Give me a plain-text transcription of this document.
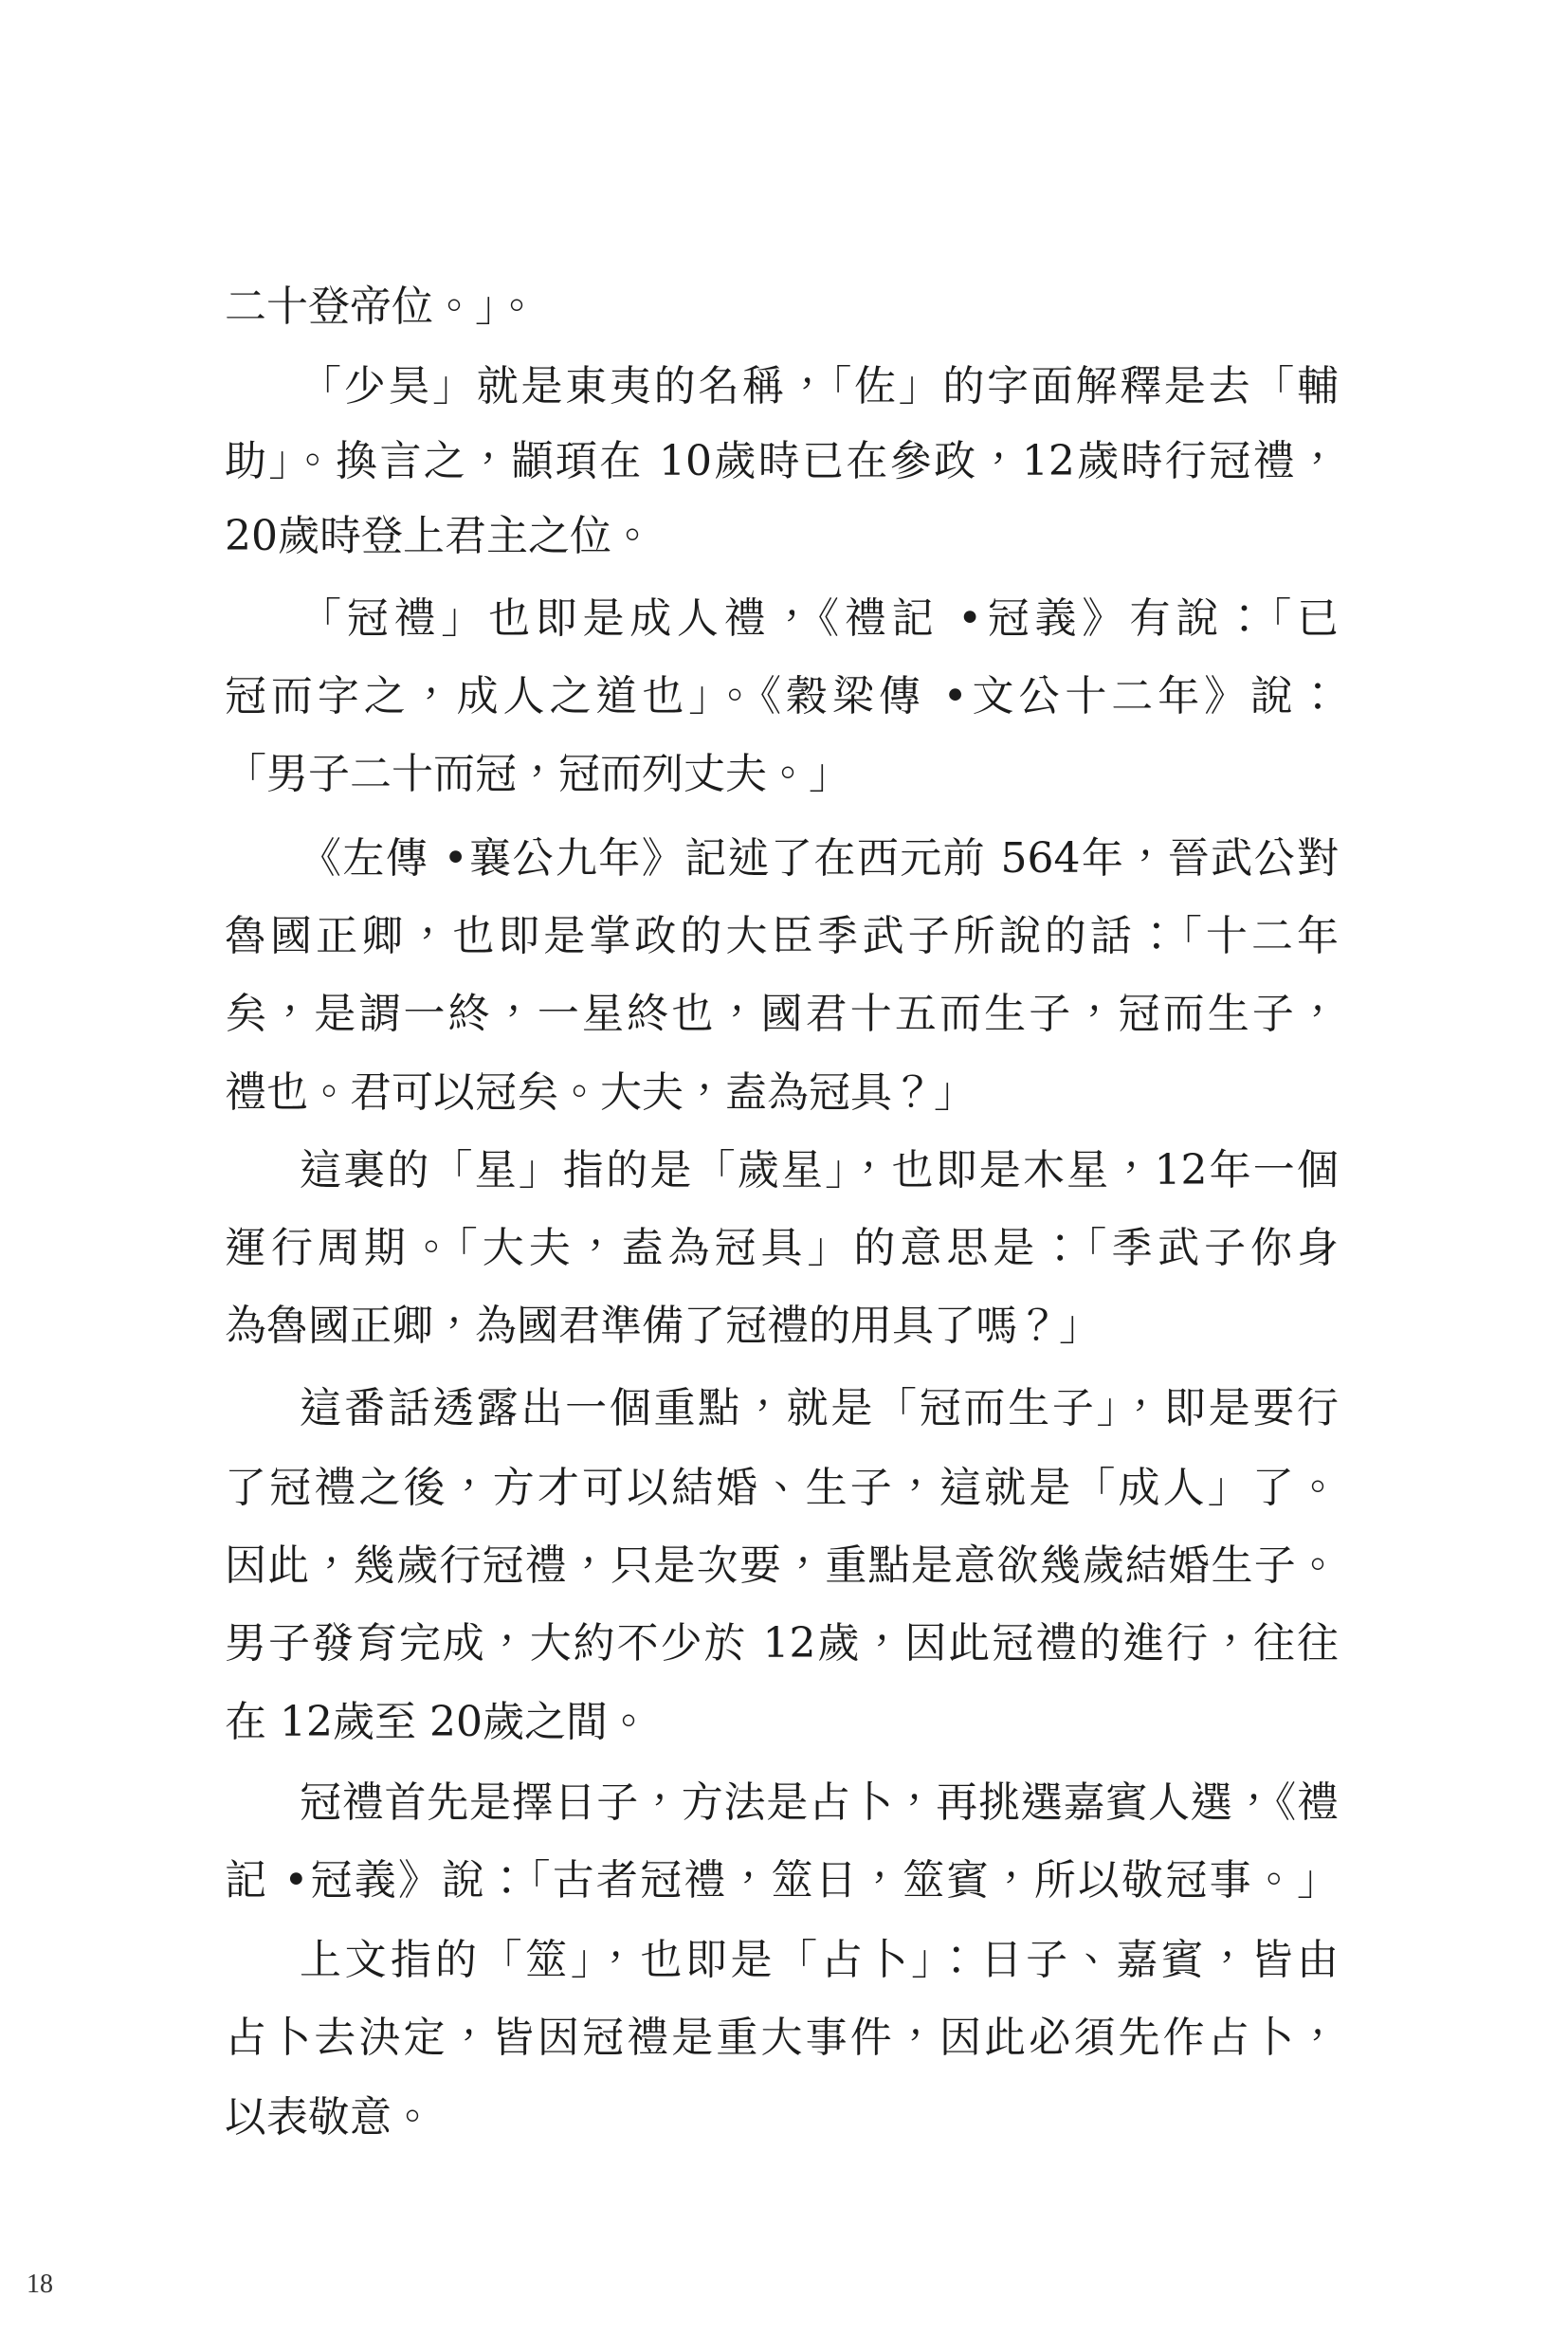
二十登帝位。」。
「少昊」就是東夷的名稱，「佐」的字面解釋是去「輔
助」。換言之，顓頊在 10歲時已在參政，12歲時行冠禮，
20歲時登上君主之位。
「冠禮」也即是成人禮，《禮記 •冠義》有說：「已
冠而字之，成人之道也」。《穀梁傳 •文公十二年》說：
「男子二十而冠，冠而列丈夫。」
《左傳 •襄公九年》記述了在西元前 564年，晉武公對
魯國正卿，也即是掌政的大臣季武子所說的話：「十二年
矣，是謂一終，一星終也，國君十五而生子，冠而生子，
禮也。君可以冠矣。大夫，盍為冠具？」
這裏的「星」指的是「歲星」，也即是木星，12年一個
運行周期。「大夫，盍為冠具」的意思是：「季武子你身
為魯國正卿，為國君準備了冠禮的用具了嗎？」
這番話透露出一個重點，就是「冠而生子」，即是要行
了冠禮之後，方才可以結婚、生子，這就是「成人」了。
因此，幾歲行冠禮，只是次要，重點是意欲幾歲結婚生子。
男子發育完成，大約不少於 12歲，因此冠禮的進行，往往
在 12歲至 20歲之間。
冠禮首先是擇日子，方法是占卜，再挑選嘉賓人選，《禮
記 •冠義》說：「古者冠禮，筮日，筮賓，所以敬冠事。」
上文指的「筮」，也即是「占卜」：日子、嘉賓，皆由
占卜去決定，皆因冠禮是重大事件，因此必須先作占卜，
以表敬意。
18
